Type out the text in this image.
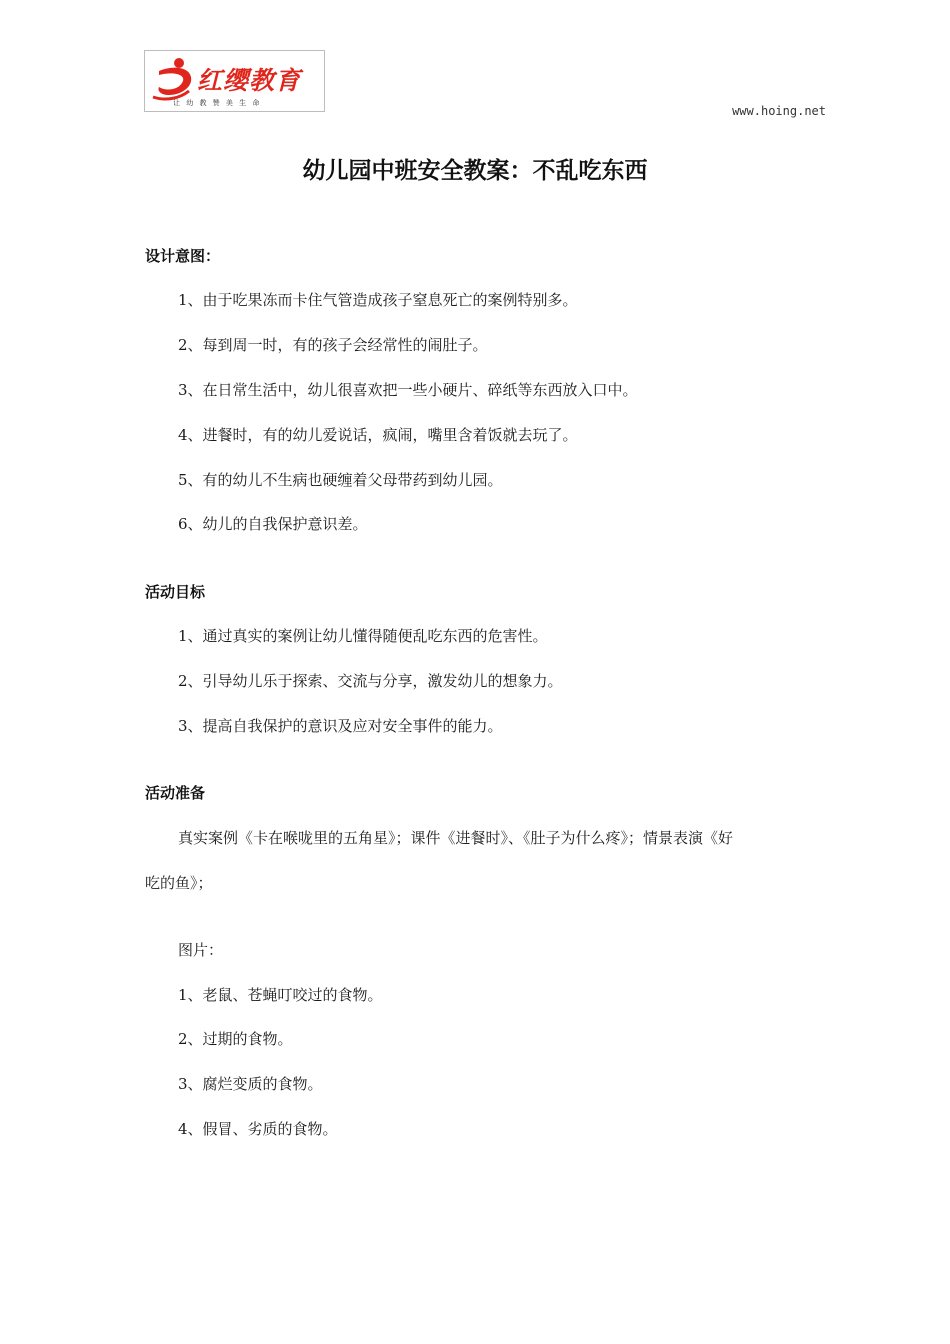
红缨教育
让 幼 教 赞 美 生 命
www.hoing.net
幼儿园中班安全教案：不乱吃东西
设计意图：
1、由于吃果冻而卡住气管造成孩子窒息死亡的案例特别多。
2、每到周一时，有的孩子会经常性的闹肚子。
3、在日常生活中，幼儿很喜欢把一些小硬片、碎纸等东西放入口中。
4、进餐时，有的幼儿爱说话，疯闹，嘴里含着饭就去玩了。
5、有的幼儿不生病也硬缠着父母带药到幼儿园。
6、幼儿的自我保护意识差。
活动目标
1、通过真实的案例让幼儿懂得随便乱吃东西的危害性。
2、引导幼儿乐于探索、交流与分享，激发幼儿的想象力。
3、提高自我保护的意识及应对安全事件的能力。
活动准备
真实案例《卡在喉咙里的五角星》；课件《进餐时》、《肚子为什么疼》；情景表演《好
吃的鱼》；
图片：
1、老鼠、苍蝇叮咬过的食物。
2、过期的食物。
3、腐烂变质的食物。
4、假冒、劣质的食物。
